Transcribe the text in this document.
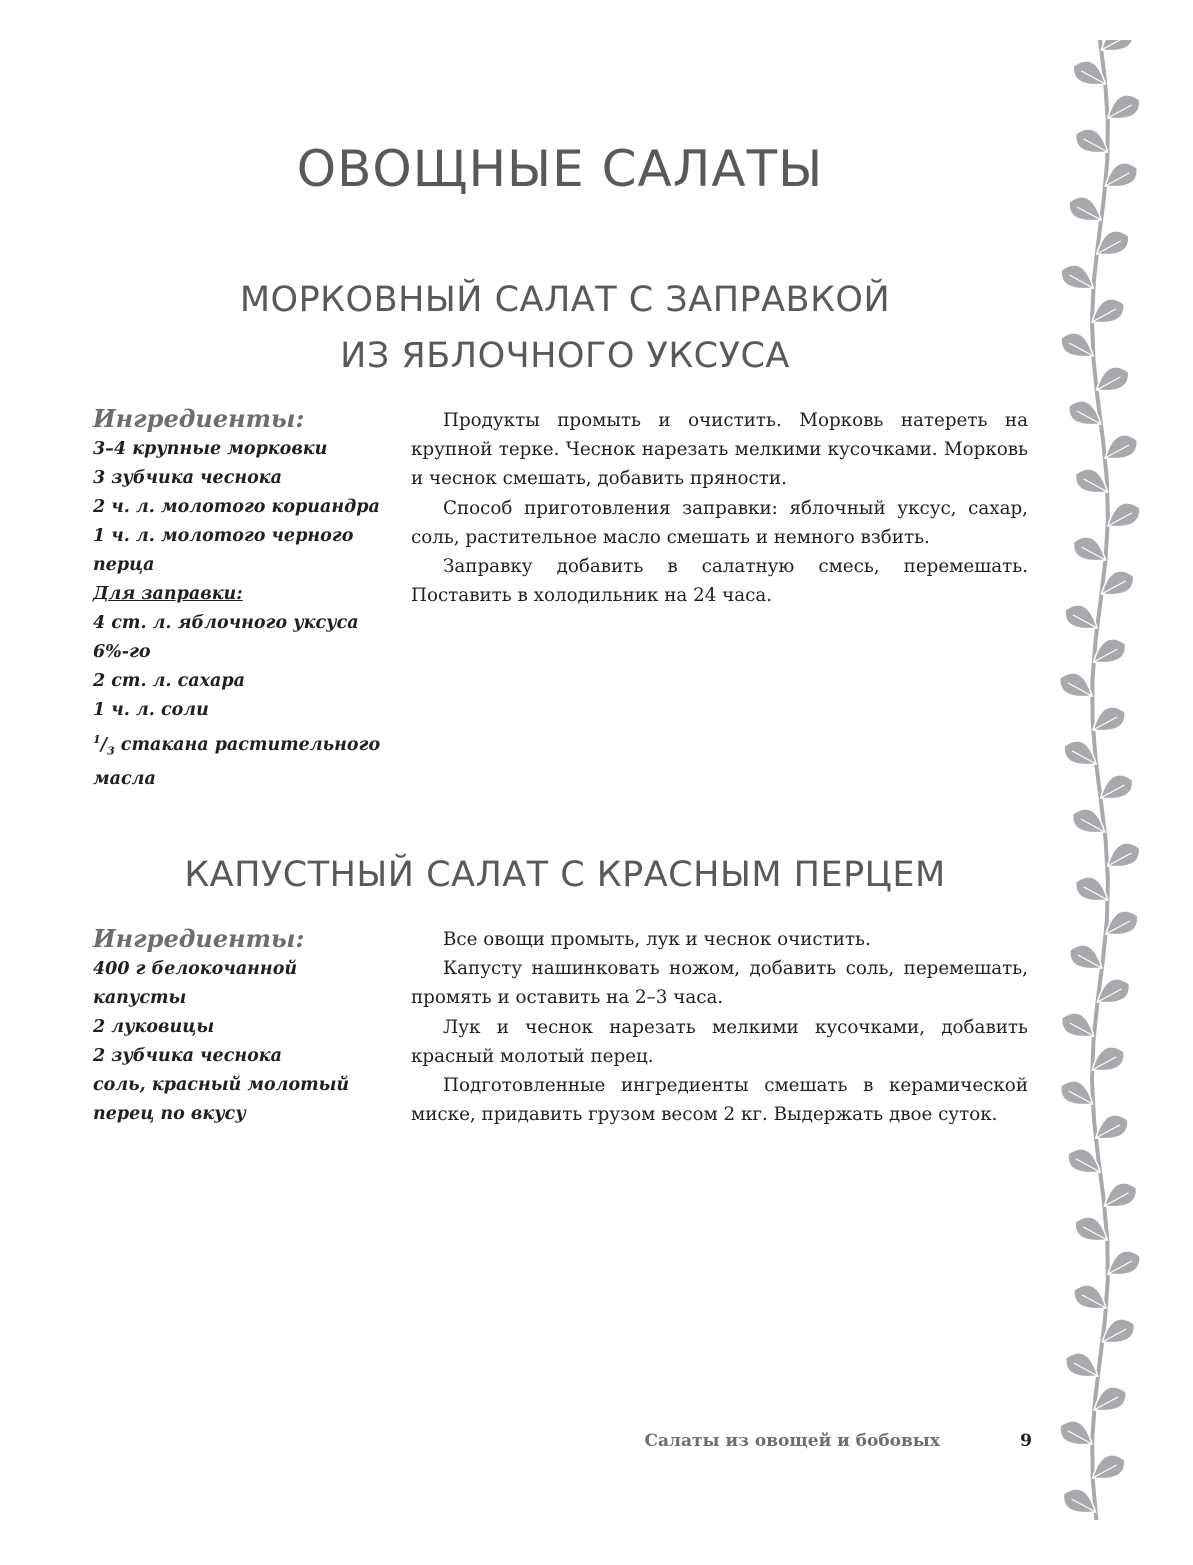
ОВОЩНЫЕ САЛАТЫ
МОРКОВНЫЙ САЛАТ С ЗАПРАВКОЙ
ИЗ ЯБЛОЧНОГО УКСУСА
Ингредиенты:
3–4 крупные морковки
3 зубчика чеснока
2 ч. л. молотого кориандра
1 ч. л. молотого черного
перца
Для заправки:
4 ст. л. яблочного уксуса
6%-го
2 ст. л. сахара
1 ч. л. соли
$^1/_3$ стакана растительного
масла

Продукты промыть и очистить. Морковь натереть на крупной терке. Чеснок нарезать мелкими кусочками. Морковь и чеснок смешать, добавить пряности.

Способ приготовления заправки: яблочный уксус, сахар, соль, растительное масло смешать и немного взбить.

Заправку добавить в салатную смесь, перемешать. Поставить в холодильник на 24 часа.

КАПУСТНЫЙ САЛАТ С КРАСНЫМ ПЕРЦЕМ
Ингредиенты:
400 г белокочанной
капусты
2 луковицы
2 зубчика чеснока
соль, красный молотый
перец по вкусу

Все овощи промыть, лук и чеснок очистить.

Капусту нашинковать ножом, добавить соль, перемешать, промять и оставить на 2–3 часа.

Лук и чеснок нарезать мелкими кусочками, добавить красный молотый перец.

Подготовленные ингредиенты смешать в керамической миске, придавить грузом весом 2 кг. Выдержать двое суток.

Салаты из овощей и бобовых	9
